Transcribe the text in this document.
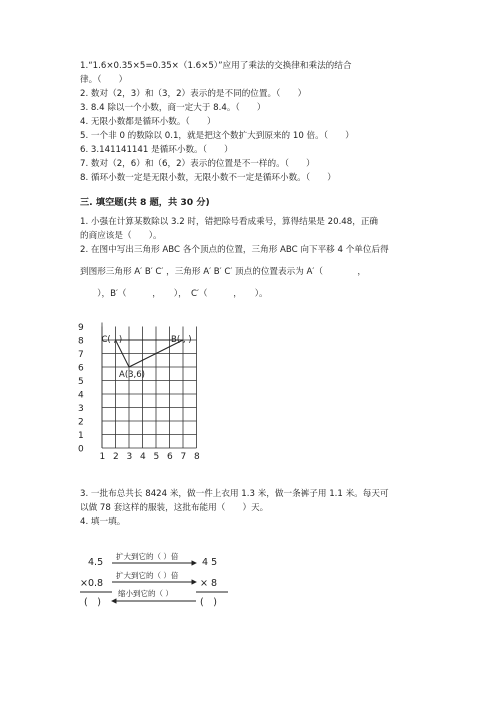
1.“1.6×0.35×5=0.35×（1.6×5）”应用了乘法的交换律和乘法的结合
律。（　　）
2. 数对（2，3）和（3，2）表示的是不同的位置。（　　）
3. 8.4 除以一个小数，商一定大于 8.4。（　　）
4. 无限小数都是循环小数。（　　）
5. 一个非 0 的数除以 0.1，就是把这个数扩大到原来的 10 倍。（　　）
6. 3.141141141 是循环小数。（　　）
7. 数对（2，6）和（6，2）表示的位置是不一样的。（　　）
8. 循环小数一定是无限小数，无限小数不一定是循环小数。（　　）
三. 填空题(共 8 题，共 30 分)
1. 小强在计算某数除以 3.2 时，错把除号看成乘号，算得结果是 20.48，正确
的商应该是（　　）。
2. 在图中写出三角形 ABC 各个顶点的位置，三角形 ABC 向下平移 4 个单位后得
到图形三角形 A′ B′ C′ ，三角形 A′ B′ C′ 顶点的位置表示为 A′（　　　　，
　　），B′（　　　，　　），　C′（　　　，　　）。
0
1
2
3
4
5
6
7
8
9
1 2 3 4 5 6 7 8
C( , )	B( , )
A(3,6)
3. 一批布总共长 8424 米，做一件上衣用 1.3 米，做一条裤子用 1.1 米。每天可
以做 78 套这样的服装，这批布能用（　　）天。
4. 填一填。
4.5
扩大到它的（ ）倍
4 5
×0.8
扩大到它的（ ）倍
× 8
缩小到它的（ ）
(　)	(　)
